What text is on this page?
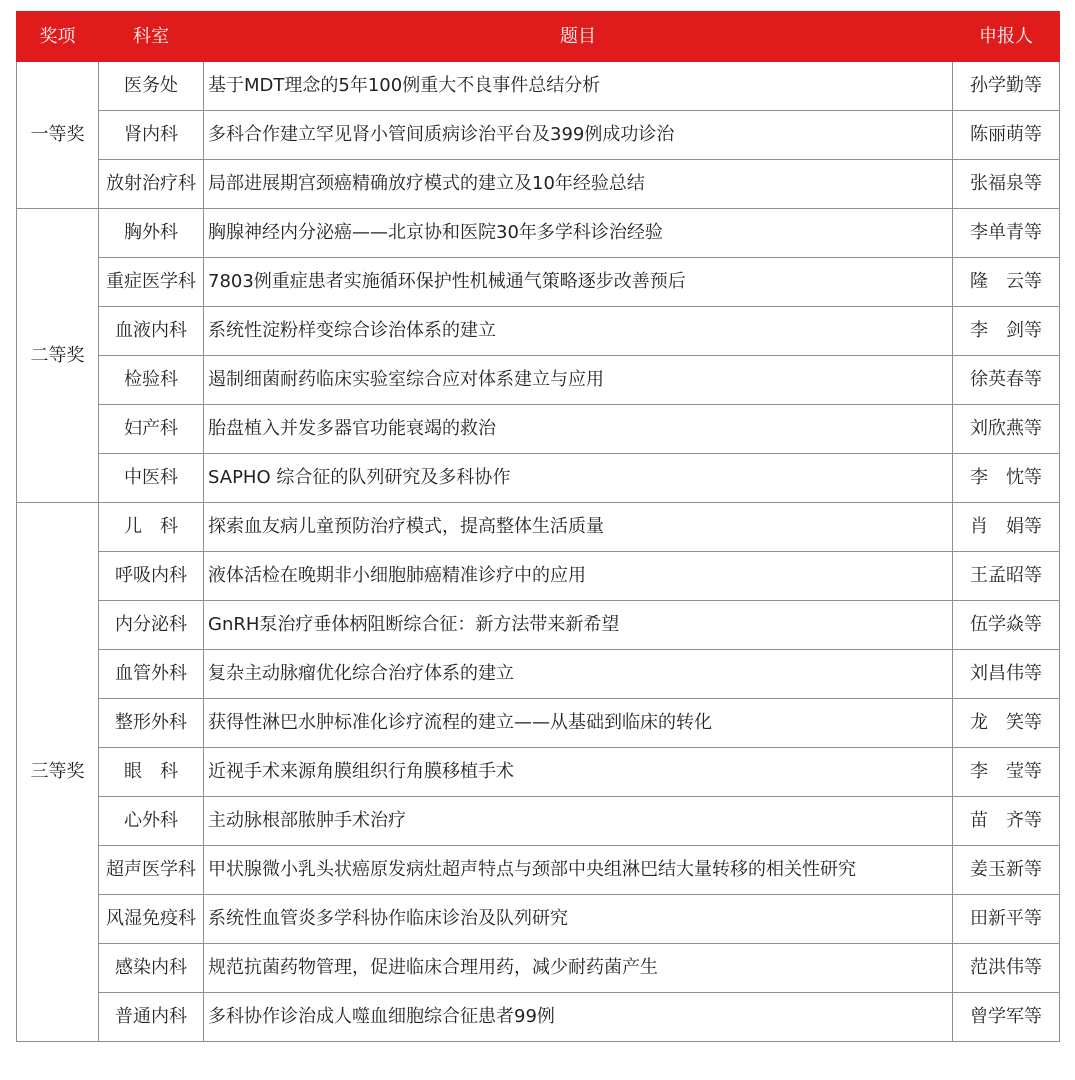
奖项	科室	题目	申报人
一等奖	医务处	基于MDT理念的5年100例重大不良事件总结分析	孙学勤等
	肾内科	多科合作建立罕见肾小管间质病诊治平台及399例成功诊治	陈丽萌等
	放射治疗科	局部进展期宫颈癌精确放疗模式的建立及10年经验总结	张福泉等
二等奖	胸外科	胸腺神经内分泌癌——北京协和医院30年多学科诊治经验	李单青等
	重症医学科	7803例重症患者实施循环保护性机械通气策略逐步改善预后	隆　云等
	血液内科	系统性淀粉样变综合诊治体系的建立	李　剑等
	检验科	遏制细菌耐药临床实验室综合应对体系建立与应用	徐英春等
	妇产科	胎盘植入并发多器官功能衰竭的救治	刘欣燕等
	中医科	SAPHO 综合征的队列研究及多科协作	李　忱等
三等奖	儿　科	探索血友病儿童预防治疗模式，提高整体生活质量	肖　娟等
	呼吸内科	液体活检在晚期非小细胞肺癌精准诊疗中的应用	王孟昭等
	内分泌科	GnRH泵治疗垂体柄阻断综合征：新方法带来新希望	伍学焱等
	血管外科	复杂主动脉瘤优化综合治疗体系的建立	刘昌伟等
	整形外科	获得性淋巴水肿标准化诊疗流程的建立——从基础到临床的转化	龙　笑等
	眼　科	近视手术来源角膜组织行角膜移植手术	李　莹等
	心外科	主动脉根部脓肿手术治疗	苗　齐等
	超声医学科	甲状腺微小乳头状癌原发病灶超声特点与颈部中央组淋巴结大量转移的相关性研究	姜玉新等
	风湿免疫科	系统性血管炎多学科协作临床诊治及队列研究	田新平等
	感染内科	规范抗菌药物管理，促进临床合理用药，减少耐药菌产生	范洪伟等
	普通内科	多科协作诊治成人噬血细胞综合征患者99例	曾学军等
